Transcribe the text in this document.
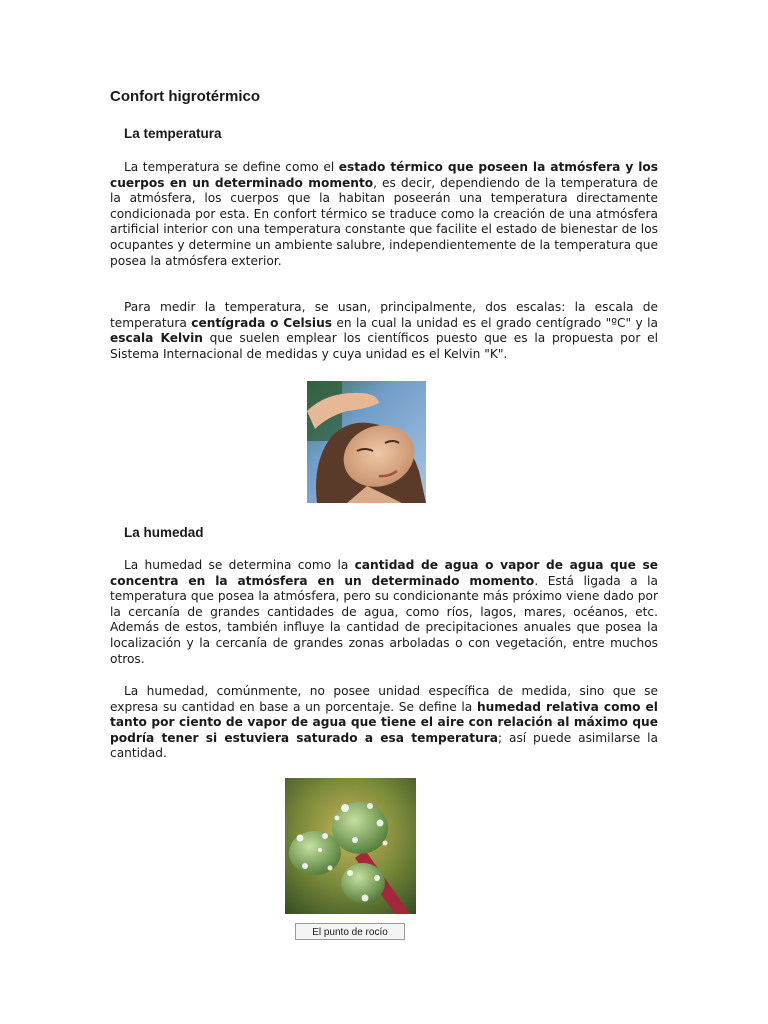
Confort higrotérmico
La temperatura

La temperatura se define como el estado térmico que poseen la atmósfera y los cuerpos en un determinado momento, es decir, dependiendo de la temperatura de la atmósfera, los cuerpos que la habitan poseerán una temperatura directamente condicionada por esta. En confort térmico se traduce como la creación de una atmósfera artificial interior con una temperatura constante que facilite el estado de bienestar de los ocupantes y determine un ambiente salubre, independientemente de la temperatura que posea la atmósfera exterior.

Para medir la temperatura, se usan, principalmente, dos escalas: la escala de temperatura centígrada o Celsius en la cual la unidad es el grado centígrado "ºC" y la escala Kelvin que suelen emplear los científicos puesto que es la propuesta por el Sistema Internacional de medidas y cuya unidad es el Kelvin "K".

La humedad

La humedad se determina como la cantidad de agua o vapor de agua que se concentra en la atmósfera en un determinado momento. Está ligada a la temperatura que posea la atmósfera, pero su condicionante más próximo viene dado por la cercanía de grandes cantidades de agua, como ríos, lagos, mares, océanos, etc. Además de estos, también influye la cantidad de precipitaciones anuales que posea la localización y la cercanía de grandes zonas arboladas o con vegetación, entre muchos otros.

La humedad, comúnmente, no posee unidad específica de medida, sino que se expresa su cantidad en base a un porcentaje. Se define la humedad relativa como el tanto por ciento de vapor de agua que tiene el aire con relación al máximo que podría tener si estuviera saturado a esa temperatura; así puede asimilarse la cantidad.

El punto de rocío
